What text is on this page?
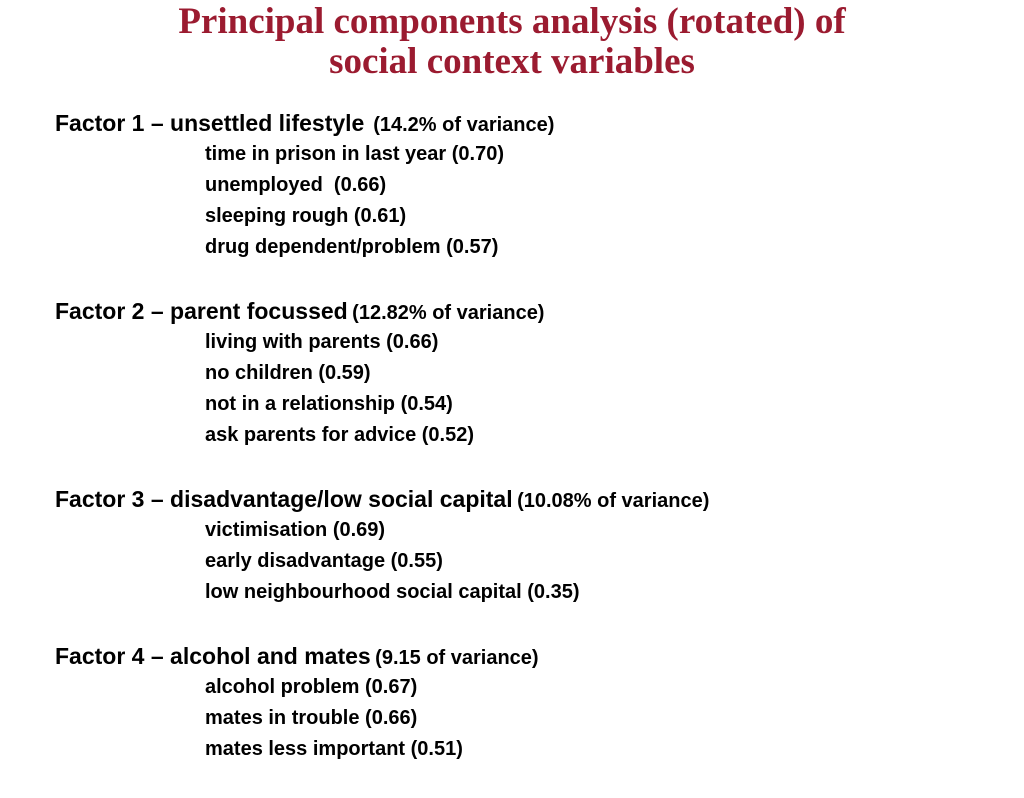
Principal components analysis (rotated) of
social context variables
Factor 1 – unsettled lifestyle (14.2% of variance)
time in prison in last year (0.70)
unemployed  (0.66)
sleeping rough (0.61)
drug dependent/problem (0.57)
Factor 2 – parent focussed (12.82% of variance)
living with parents (0.66)
no children (0.59)
not in a relationship (0.54)
ask parents for advice (0.52)
Factor 3 – disadvantage/low social capital (10.08% of variance)
victimisation (0.69)
early disadvantage (0.55)
low neighbourhood social capital (0.35)
Factor 4 – alcohol and mates (9.15 of variance)
alcohol problem (0.67)
mates in trouble (0.66)
mates less important (0.51)
